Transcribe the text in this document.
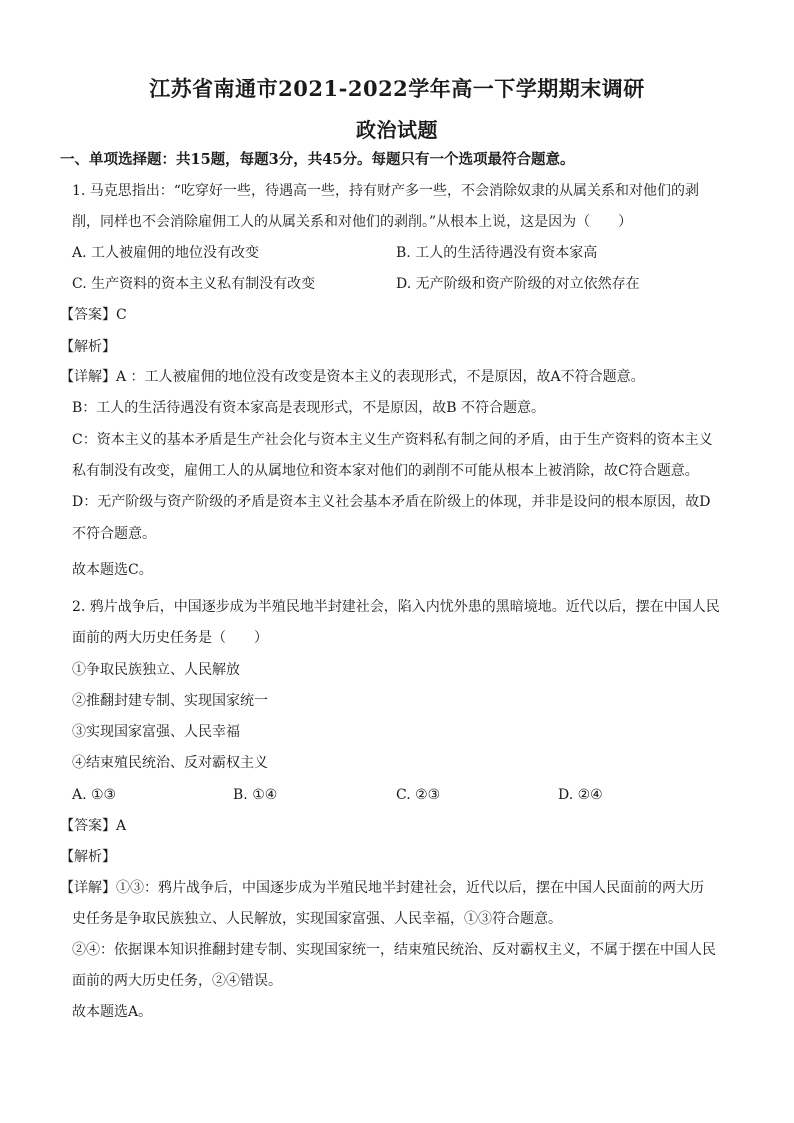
江苏省南通市2021-2022学年高一下学期期末调研
政治试题
一、单项选择题：共15题，每题3分，共45分。每题只有一个选项最符合题意。
1. 马克思指出：“吃穿好一些，待遇高一些，持有财产多一些，不会消除奴隶的从属关系和对他们的剥
削，同样也不会消除雇佣工人的从属关系和对他们的剥削。”从根本上说，这是因为（　　）
A. 工人被雇佣的地位没有改变	B. 工人的生活待遇没有资本家高
C. 生产资料的资本主义私有制没有改变	D. 无产阶级和资产阶级的对立依然存在
【答案】C
【解析】
【详解】A ：工人被雇佣的地位没有改变是资本主义的表现形式，不是原因，故A不符合题意。
B：工人的生活待遇没有资本家高是表现形式，不是原因，故B 不符合题意。
C：资本主义的基本矛盾是生产社会化与资本主义生产资料私有制之间的矛盾，由于生产资料的资本主义
私有制没有改变，雇佣工人的从属地位和资本家对他们的剥削不可能从根本上被消除，故C符合题意。
D：无产阶级与资产阶级的矛盾是资本主义社会基本矛盾在阶级上的体现，并非是设问的根本原因，故D
不符合题意。
故本题选C。
2. 鸦片战争后，中国逐步成为半殖民地半封建社会，陷入内忧外患的黑暗境地。近代以后，摆在中国人民
面前的两大历史任务是（　　）
①争取民族独立、人民解放
②推翻封建专制、实现国家统一
③实现国家富强、人民幸福
④结束殖民统治、反对霸权主义
A. ①③	B. ①④	C. ②③	D. ②④
【答案】A
【解析】
【详解】①③：鸦片战争后，中国逐步成为半殖民地半封建社会，近代以后，摆在中国人民面前的两大历
史任务是争取民族独立、人民解放，实现国家富强、人民幸福，①③符合题意。
②④：依据课本知识推翻封建专制、实现国家统一，结束殖民统治、反对霸权主义，不属于摆在中国人民
面前的两大历史任务，②④错误。
故本题选A。
